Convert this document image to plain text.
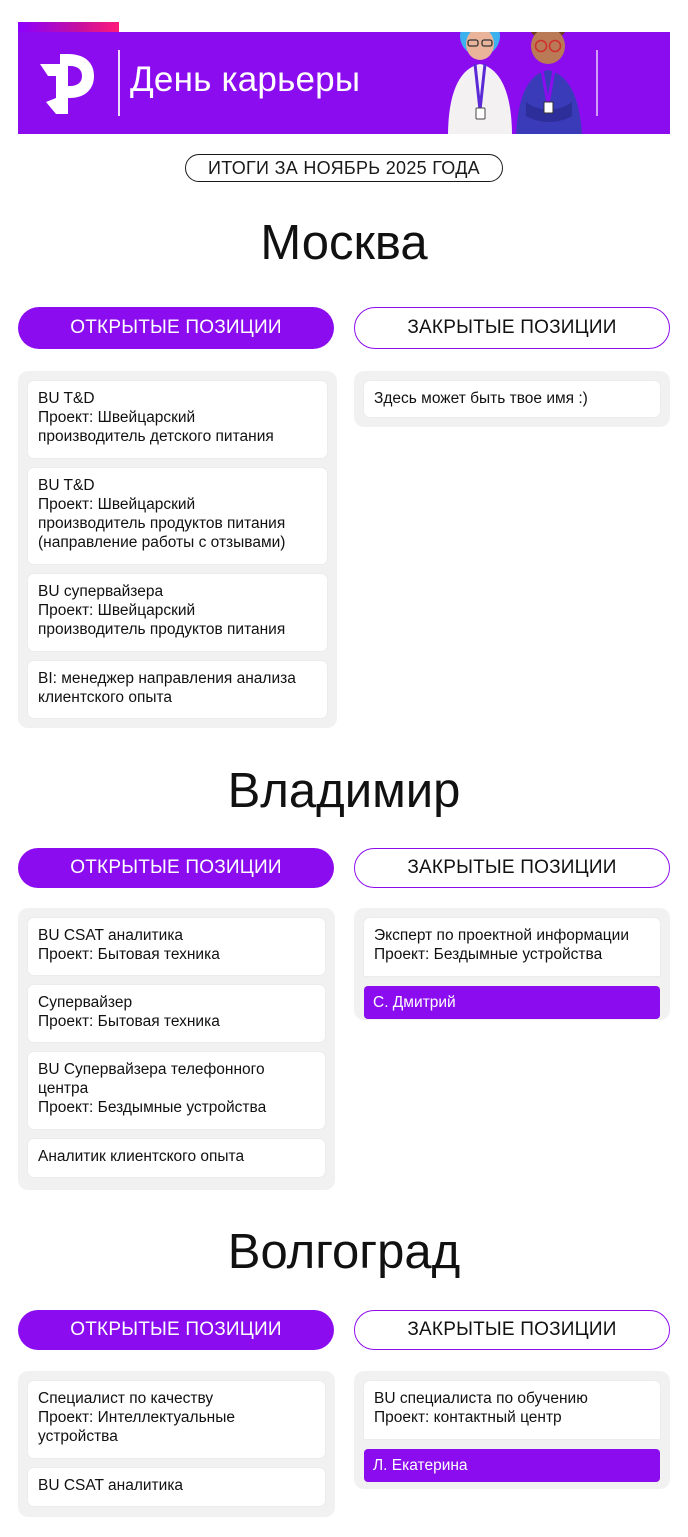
День карьеры
ИТОГИ ЗА НОЯБРЬ 2025 ГОДА
Москва
ОТКРЫТЫЕ ПОЗИЦИИ	ЗАКРЫТЫЕ ПОЗИЦИИ
BU T&D
Проект: Швейцарский
производитель детского питания
BU T&D
Проект: Швейцарский
производитель продуктов питания
(направление работы с отзывами)
BU супервайзера
Проект: Швейцарский
производитель продуктов питания
BI: менеджер направления анализа
клиентского опыта
Здесь может быть твое имя :)
Владимир
ОТКРЫТЫЕ ПОЗИЦИИ	ЗАКРЫТЫЕ ПОЗИЦИИ
BU CSAT аналитика
Проект: Бытовая техника
Супервайзер
Проект: Бытовая техника
BU Супервайзера телефонного
центра
Проект: Бездымные устройства
Аналитик клиентского опыта
Эксперт по проектной информации
Проект: Бездымные устройства
С. Дмитрий
Волгоград
ОТКРЫТЫЕ ПОЗИЦИИ	ЗАКРЫТЫЕ ПОЗИЦИИ
Специалист по качеству
Проект: Интеллектуальные
устройства
BU CSAT аналитика
BU специалиста по обучению
Проект: контактный центр
Л. Екатерина
